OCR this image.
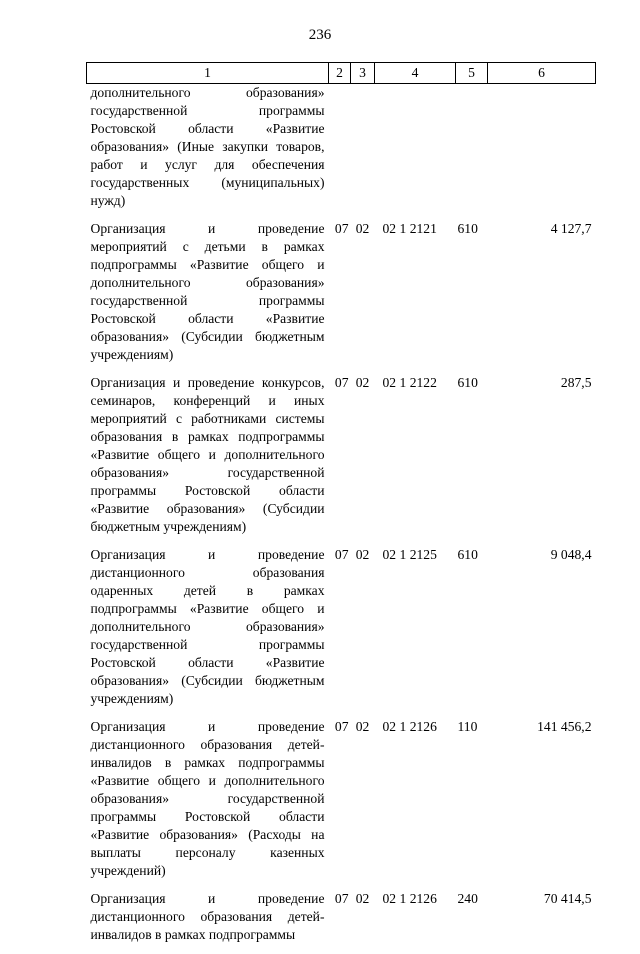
236
1	2	3	4	5	6
дополнительного образования» государственной программы Ростовской области «Развитие образования» (Иные закупки товаров, работ и услуг для обеспечения государственных (муниципальных) нужд)					
Организация и проведение мероприятий с детьми в рамках подпрограммы «Развитие общего и дополнительного образования» государственной программы Ростовской области «Развитие образования» (Субсидии бюджетным учреждениям)	07	02	02 1 2121	610	4 127,7
Организация и проведение конкурсов, семинаров, конференций и иных мероприятий с работниками системы образования в рамках подпрограммы «Развитие общего и дополнительного образования» государственной программы Ростовской области «Развитие образования» (Субсидии бюджетным учреждениям)	07	02	02 1 2122	610	287,5
Организация и проведение дистанционного образования одаренных детей в рамках подпрограммы «Развитие общего и дополнительного образования» государственной программы Ростовской области «Развитие образования» (Субсидии бюджетным учреждениям)	07	02	02 1 2125	610	9 048,4
Организация и проведение дистанционного образования детей-инвалидов в рамках подпрограммы «Развитие общего и дополнительного образования» государственной программы Ростовской области «Развитие образования» (Расходы на выплаты персоналу казенных учреждений)	07	02	02 1 2126	110	141 456,2
Организация и проведение дистанционного образования детей-инвалидов в рамках подпрограммы	07	02	02 1 2126	240	70 414,5
